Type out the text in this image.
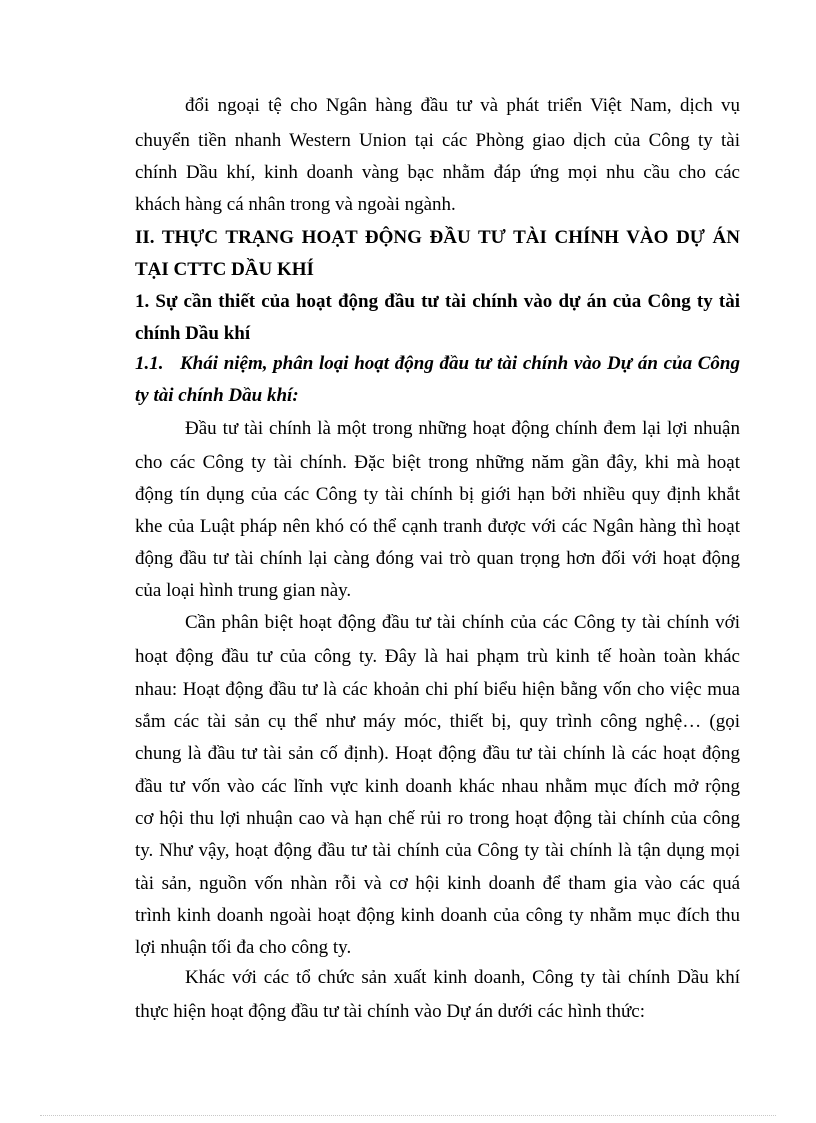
đổi ngoại tệ cho Ngân hàng đầu tư và phát triển Việt Nam, dịch vụ
chuyển tiền nhanh Western Union tại các Phòng giao dịch của Công ty tài
chính Dầu khí, kinh doanh vàng bạc nhằm đáp ứng mọi nhu cầu cho các
khách hàng cá nhân trong và ngoài ngành.
II. THỰC TRẠNG HOẠT ĐỘNG ĐẦU TƯ TÀI CHÍNH VÀO DỰ ÁN
TẠI CTTC DẦU KHÍ
1. Sự cần thiết của hoạt động đầu tư tài chính vào dự án của Công ty tài
chính Dầu khí
1.1. Khái niệm, phân loại hoạt động đầu tư tài chính vào Dự án của Công
ty tài chính Dầu khí:
Đầu tư tài chính là một trong những hoạt động chính đem lại lợi nhuận
cho các Công ty tài chính. Đặc biệt trong những năm gần đây, khi mà hoạt
động tín dụng của các Công ty tài chính bị giới hạn bởi nhiều quy định khắt
khe của Luật pháp nên khó có thể cạnh tranh được với các Ngân hàng thì hoạt
động đầu tư tài chính lại càng đóng vai trò quan trọng hơn đối với hoạt động
của loại hình trung gian này.
Cần phân biệt hoạt động đầu tư tài chính của các Công ty tài chính với
hoạt động đầu tư của công ty. Đây là hai phạm trù kinh tế hoàn toàn khác
nhau: Hoạt động đầu tư là các khoản chi phí biểu hiện bằng vốn cho việc mua
sắm các tài sản cụ thể như máy móc, thiết bị, quy trình công nghệ… (gọi
chung là đầu tư tài sản cố định). Hoạt động đầu tư tài chính là các hoạt động
đầu tư vốn vào các lĩnh vực kinh doanh khác nhau nhằm mục đích mở rộng
cơ hội thu lợi nhuận cao và hạn chế rủi ro trong hoạt động tài chính của công
ty. Như vậy, hoạt động đầu tư tài chính của Công ty tài chính là tận dụng mọi
tài sản, nguồn vốn nhàn rỗi và cơ hội kinh doanh để tham gia vào các quá
trình kinh doanh ngoài hoạt động kinh doanh của công ty nhằm mục đích thu
lợi nhuận tối đa cho công ty.
Khác với các tổ chức sản xuất kinh doanh, Công ty tài chính Dầu khí
thực hiện hoạt động đầu tư tài chính vào Dự án dưới các hình thức:
